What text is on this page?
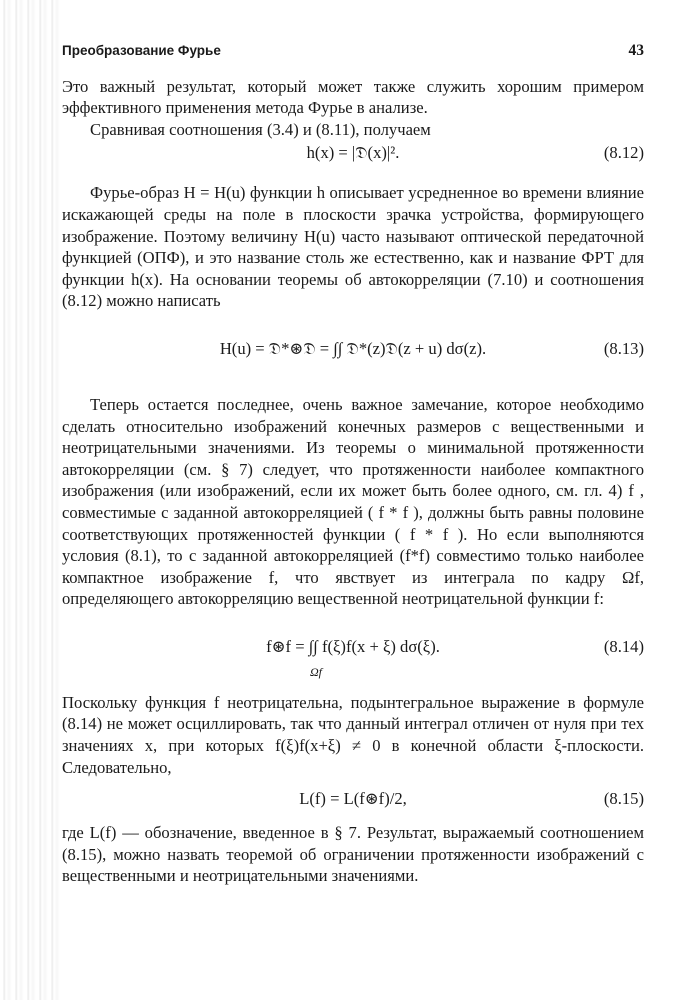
Преобразование Фурье	43

Это важный результат, который может также служить хорошим примером эффективного применения метода Фурье в анализе.

Сравнивая соотношения (3.4) и (8.11), получаем

h(x) = |𝔇(x)|².	(8.12)

Фурье-образ H = H(u) функции h описывает усредненное во времени влияние искажающей среды на поле в плоскости зрачка устройства, формирующего изображение. Поэтому величину H(u) часто называют оптической передаточной функцией (ОПФ), и это название столь же естественно, как и название ФРТ для функции h(x). На основании теоремы об автокорреляции (7.10) и соотношения (8.12) можно написать

H(u) = 𝔇*⊛𝔇 = ∫∫ 𝔇*(z)𝔇(z + u) dσ(z).	(8.13)

Теперь остается последнее, очень важное замечание, которое необходимо сделать относительно изображений конечных размеров с вещественными и неотрицательными значениями. Из теоремы о минимальной протяженности автокорреляции (см. § 7) следует, что протяженности наиболее компактного изображения (или изображений, если их может быть более одного, см. гл. 4) f , совместимые с заданной автокорреляцией ( f * f ), должны быть равны половине соответствующих протяженностей функции ( f * f ). Но если выполняются условия (8.1), то с заданной автокорреляцией (f*f) совместимо только наиболее компактное изображение f, что явствует из интеграла по кадру Ωf, определяющего автокорреляцию вещественной неотрицательной функции f:

f⊛f = ∫∫ f(ξ)f(x + ξ) dσ(ξ).
Ωf
(8.14)

Поскольку функция f неотрицательна, подынтегральное выражение в формуле (8.14) не может осциллировать, так что данный интеграл отличен от нуля при тех значениях x, при которых f(ξ)f(x+ξ) ≠ 0 в конечной области ξ-плоскости. Следовательно,

L(f) = L(f⊛f)/2,	(8.15)

где L(f) — обозначение, введенное в § 7. Результат, выражаемый соотношением (8.15), можно назвать теоремой об ограничении протяженности изображений с вещественными и неотрицательными значениями.
